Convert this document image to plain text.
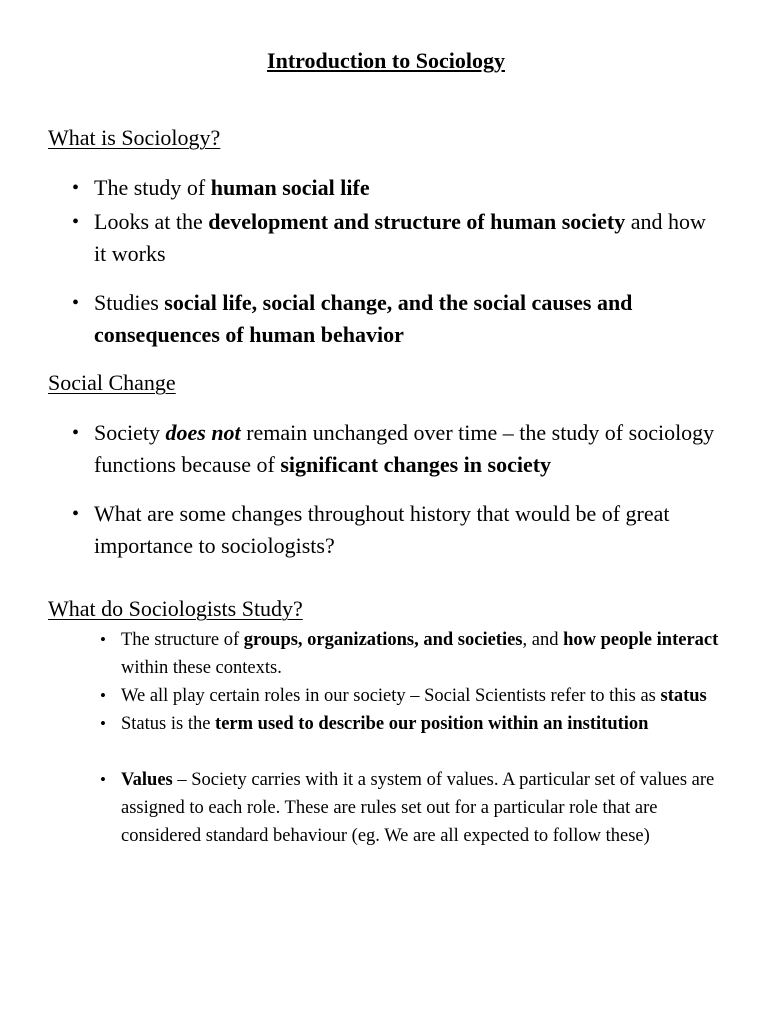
Introduction to Sociology
What is Sociology?
• The study of human social life
• Looks at the development and structure of human society and how it works
• Studies social life, social change, and the social causes and consequences of human behavior
Social Change
• Society does not remain unchanged over time – the study of sociology functions because of significant changes in society
• What are some changes throughout history that would be of great importance to sociologists?
What do Sociologists Study?
• The structure of groups, organizations, and societies, and how people interact within these contexts.
• We all play certain roles in our society – Social Scientists refer to this as status
• Status is the term used to describe our position within an institution
• Values – Society carries with it a system of values. A particular set of values are assigned to each role. These are rules set out for a particular role that are considered standard behaviour (eg. We are all expected to follow these)
